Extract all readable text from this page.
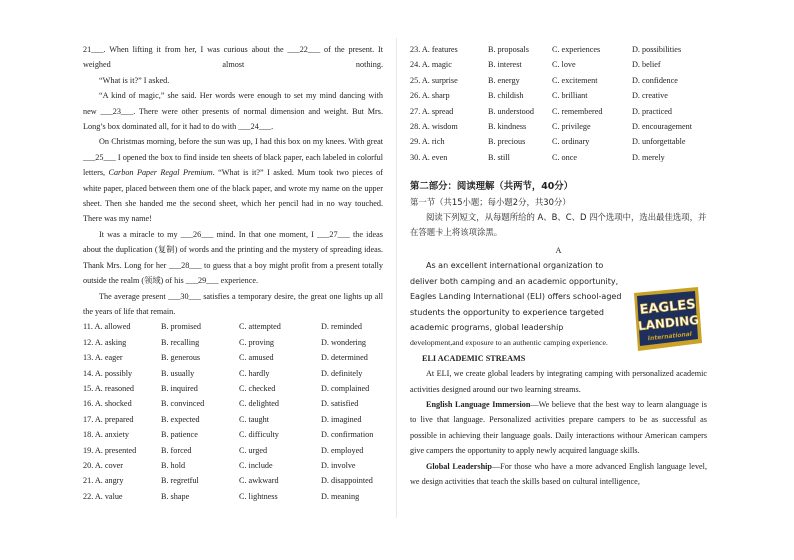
21___. When lifting it from her, I was curious about the ___22___ of the present. It weighed almost nothing.

“What is it?” I asked.

“A kind of magic,” she said. Her words were enough to set my mind dancing with new ___23___. There were other presents of normal dimension and weight. But Mrs. Long’s box dominated all, for it had to do with ___24___.

On Christmas morning, before the sun was up, I had this box on my knees. With great ___25___ I opened the box to find inside ten sheets of black paper, each labeled in colorful letters, Carbon Paper Regal Premium. “What is it?” I asked. Mum took two pieces of white paper, placed between them one of the black paper, and wrote my name on the upper sheet. Then she handed me the second sheet, which her pencil had in no way touched. There was my name!

It was a miracle to my ___26___ mind. In that one moment, I ___27___ the ideas about the duplication (复制) of words and the printing and the mystery of spreading ideas. Thank Mrs. Long for her ___28___ to guess that a boy might profit from a present totally outside the realm (领域) of his ___29___ experience.

The average present ___30___ satisfies a temporary desire, the great one lights up all the years of life that remain.

11. A. allowed	B. promised	C. attempted	D. reminded
12. A. asking	B. recalling	C. proving	D. wondering
13. A. eager	B. generous	C. amused	D. determined
14. A. possibly	B. usually	C. hardly	D. definitely
15. A. reasoned	B. inquired	C. checked	D. complained
16. A. shocked	B. convinced	C. delighted	D. satisfied
17. A. prepared	B. expected	C. taught	D. imagined
18. A. anxiety	B. patience	C. difficulty	D. confirmation
19. A. presented	B. forced	C. urged	D. employed
20. A. cover	B. hold	C. include	D. involve
21. A. angry	B. regretful	C. awkward	D. disappointed
22. A. value	B. shape	C. lightness	D. meaning
23. A. features	B. proposals	C. experiences	D. possibilities
24. A. magic	B. interest	C. love	D. belief
25. A. surprise	B. energy	C. excitement	D. confidence
26. A. sharp	B. childish	C. brilliant	D. creative
27. A. spread	B. understood	C. remembered	D. practiced
28. A. wisdom	B. kindness	C. privilege	D. encouragement
29. A. rich	B. precious	C. ordinary	D. unforgettable
30. A. even	B. still	C. once	D. merely

第二部分：阅读理解（共两节，40分）

第一节（共15小题；每小题2分，共30分）

阅读下列短文，从每题所给的 A、B、C、D 四个选项中，选出最佳选项，并在答题卡上将该项涂黑。

A

As an excellent international organization to

deliver both camping and an academic opportunity,

Eagles Landing International (ELI) offers school-aged

students the opportunity to experience targeted

academic programs, global leadership

development,and exposure to an authentic camping experience.

ELI ACADEMIC STREAMS

At ELI, we create global leaders by integrating camping with personalized academic activities designed around our two learning streams.

English Language Immersion—We believe that the best way to learn alanguage is to live that language. Personalized activities prepare campers to be as successful as possible in achieving their language goals. Daily interactions withour American campers give campers the opportunity to apply newly acquired language skills.

Global Leadership—For those who have a more advanced English language level, we design activities that teach the skills based on cultural intelligence,

EAGLES
LANDING
International
